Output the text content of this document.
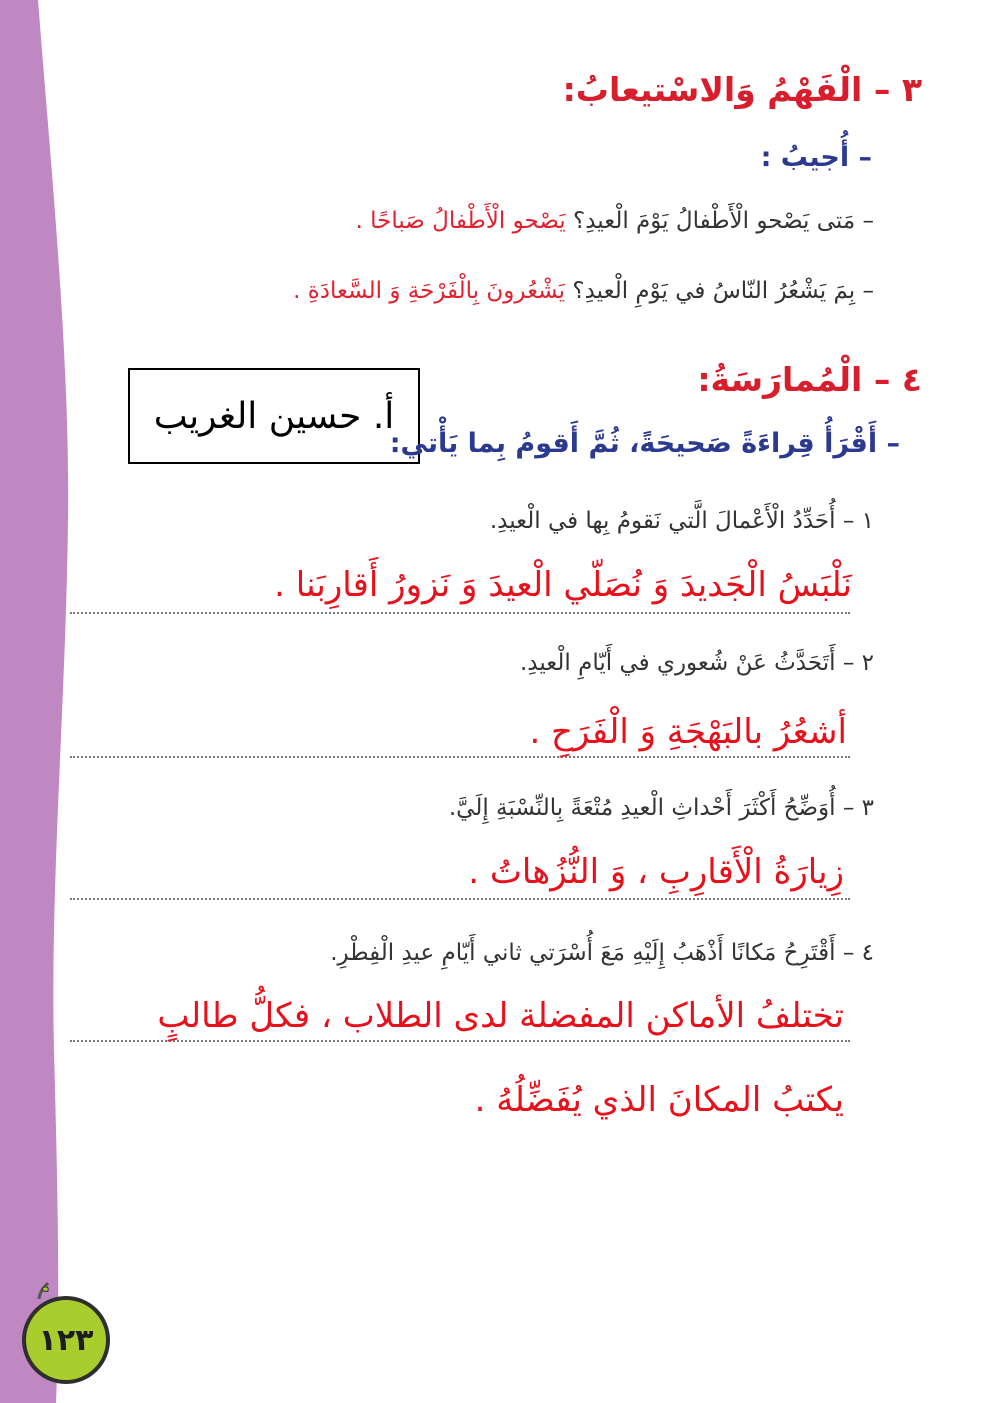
٣ – الْفَهْمُ وَالاسْتيعابُ:
– أُجيبُ :
– مَتى يَصْحو الْأَطْفالُ يَوْمَ الْعيدِ؟ يَصْحو الْأَطْفالُ صَباحًا .
– بِمَ يَشْعُرُ النّاسُ في يَوْمِ الْعيدِ؟ يَشْعُرونَ بِالْفَرْحَةِ وَ السَّعادَةِ .
٤ – الْمُمارَسَةُ:
أ. حسين الغريب
– أَقْرَأُ قِراءَةً صَحيحَةً، ثُمَّ أَقومُ بِما يَأْتي:
١ – أُحَدِّدُ الْأَعْمالَ الَّتي نَقومُ بِها في الْعيدِ.
نَلْبَسُ الْجَديدَ وَ نُصَلّي الْعيدَ وَ نَزورُ أَقارِبَنا .
٢ – أَتَحَدَّثُ عَنْ شُعوري في أَيّامِ الْعيدِ.
أشعُرُ بالبَهْجَةِ وَ الْفَرَحِ .
٣ – أُوَضِّحُ أَكْثَرَ أَحْداثِ الْعيدِ مُتْعَةً بِالنِّسْبَةِ إِلَيَّ.
زِيارَةُ الْأَقارِبِ ، وَ النُّزُهاتُ .
٤ – أَقْتَرِحُ مَكانًا أَذْهَبُ إِلَيْهِ مَعَ أُسْرَتي ثاني أَيّامِ عيدِ الْفِطْرِ.
تختلفُ الأماكن المفضلة لدى الطلاب ، فكلُّ طالبٍ
يكتبُ المكانَ الذي يُفَضِّلُهُ .
١٢٣
